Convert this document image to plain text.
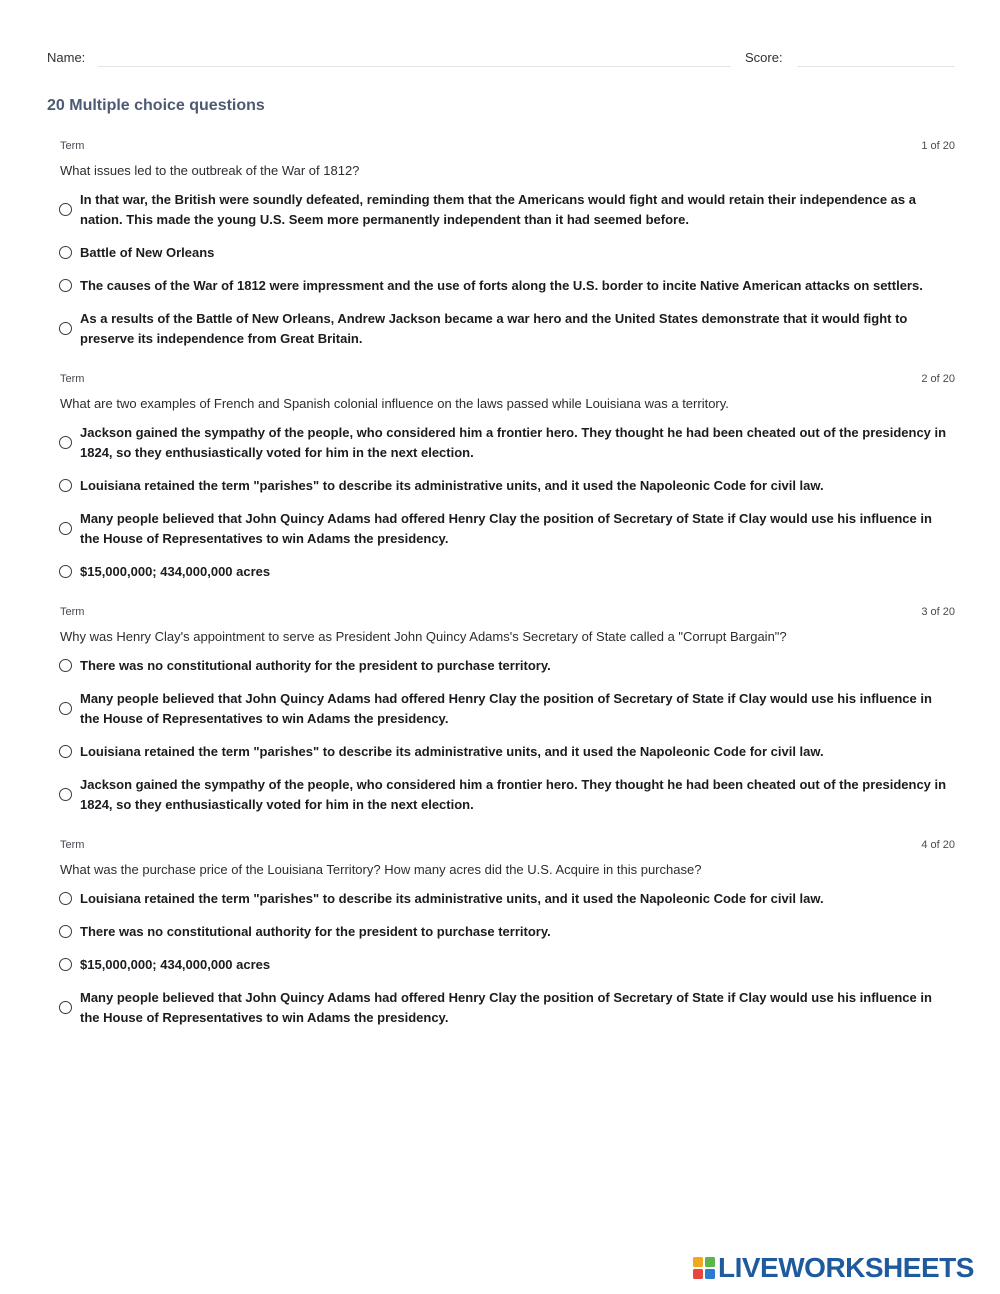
Name:	Score:
20 Multiple choice questions
Term	1 of 20
What issues led to the outbreak of the War of 1812?
In that war, the British were soundly defeated, reminding them that the Americans would fight and would retain their independence as a nation. This made the young U.S. Seem more permanently independent than it had seemed before.
Battle of New Orleans
The causes of the War of 1812 were impressment and the use of forts along the U.S. border to incite Native American attacks on settlers.
As a results of the Battle of New Orleans, Andrew Jackson became a war hero and the United States demonstrate that it would fight to preserve its independence from Great Britain.
Term	2 of 20
What are two examples of French and Spanish colonial influence on the laws passed while Louisiana was a territory.
Jackson gained the sympathy of the people, who considered him a frontier hero. They thought he had been cheated out of the presidency in 1824, so they enthusiastically voted for him in the next election.
Louisiana retained the term "parishes" to describe its administrative units, and it used the Napoleonic Code for civil law.
Many people believed that John Quincy Adams had offered Henry Clay the position of Secretary of State if Clay would use his influence in the House of Representatives to win Adams the presidency.
$15,000,000; 434,000,000 acres
Term	3 of 20
Why was Henry Clay's appointment to serve as President John Quincy Adams's Secretary of State called a "Corrupt Bargain"?
There was no constitutional authority for the president to purchase territory.
Many people believed that John Quincy Adams had offered Henry Clay the position of Secretary of State if Clay would use his influence in the House of Representatives to win Adams the presidency.
Louisiana retained the term "parishes" to describe its administrative units, and it used the Napoleonic Code for civil law.
Jackson gained the sympathy of the people, who considered him a frontier hero. They thought he had been cheated out of the presidency in 1824, so they enthusiastically voted for him in the next election.
Term	4 of 20
What was the purchase price of the Louisiana Territory? How many acres did the U.S. Acquire in this purchase?
Louisiana retained the term "parishes" to describe its administrative units, and it used the Napoleonic Code for civil law.
There was no constitutional authority for the president to purchase territory.
$15,000,000; 434,000,000 acres
Many people believed that John Quincy Adams had offered Henry Clay the position of Secretary of State if Clay would use his influence in the House of Representatives to win Adams the presidency.
LIVEWORKSHEETS
